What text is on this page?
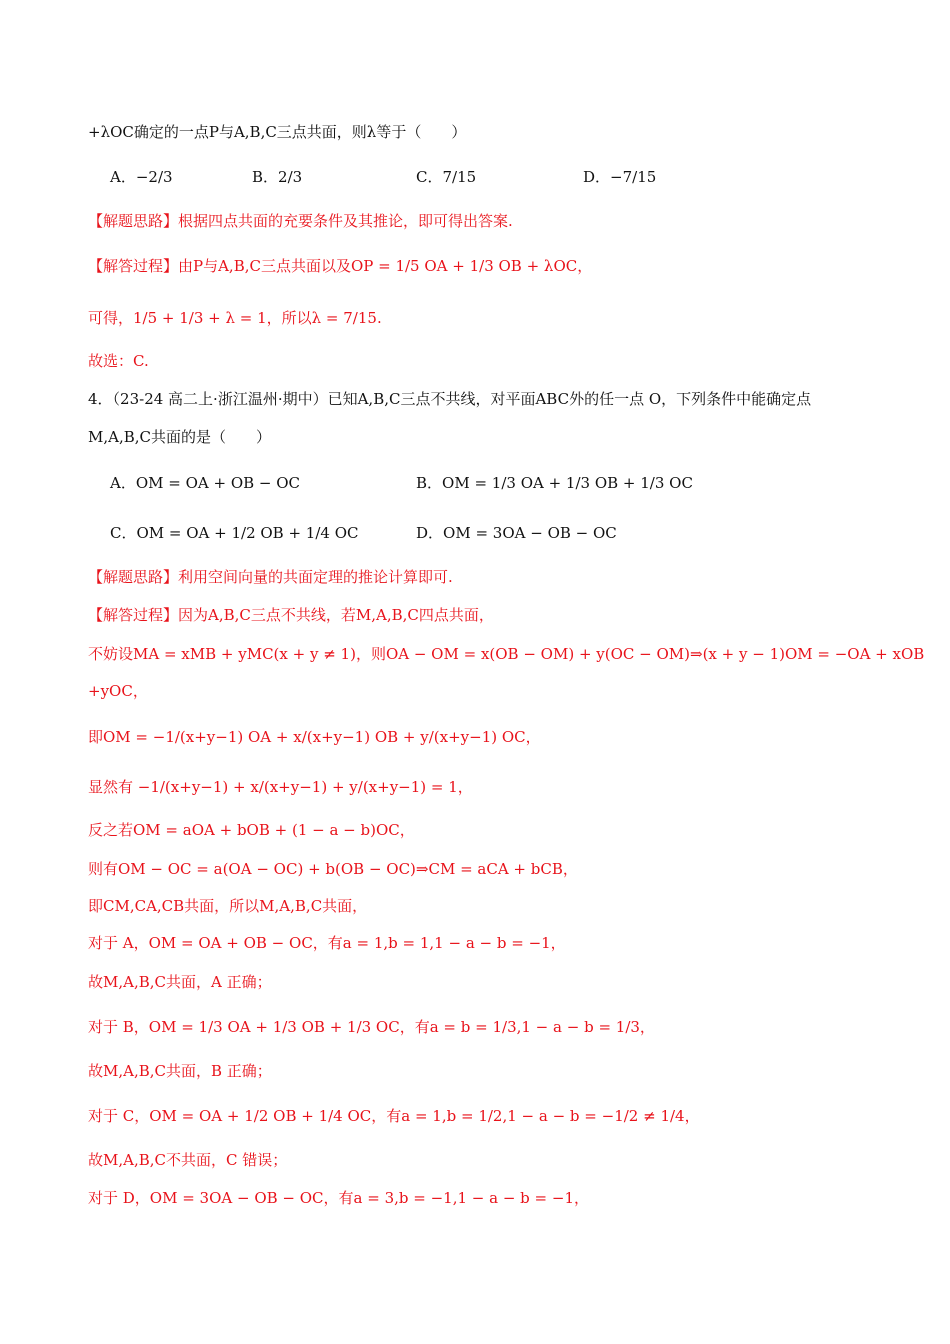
+λOC确定的一点P与A,B,C三点共面，则λ等于（　　）
A．−2/3	B．2/3	C．7/15	D．−7/15
【解题思路】根据四点共面的充要条件及其推论，即可得出答案.
【解答过程】由P与A,B,C三点共面以及OP = 1/5 OA + 1/3 OB + λOC，
可得，1/5 + 1/3 + λ = 1，所以λ = 7/15.
故选：C.
4．（23-24 高二上·浙江温州·期中）已知A,B,C三点不共线，对平面ABC外的任一点 O，下列条件中能确定点
M,A,B,C共面的是（　　）
A．OM = OA + OB − OC	B．OM = 1/3 OA + 1/3 OB + 1/3 OC
C．OM = OA + 1/2 OB + 1/4 OC	D．OM = 3OA − OB − OC
【解题思路】利用空间向量的共面定理的推论计算即可.
【解答过程】因为A,B,C三点不共线，若M,A,B,C四点共面，
不妨设MA = xMB + yMC(x + y ≠ 1)，则OA − OM = x(OB − OM) + y(OC − OM)⇒(x + y − 1)OM = −OA + xOB
+yOC，
即OM = −1/(x+y−1) OA + x/(x+y−1) OB + y/(x+y−1) OC，
显然有 −1/(x+y−1) + x/(x+y−1) + y/(x+y−1) = 1，
反之若OM = aOA + bOB + (1 − a − b)OC，
则有OM − OC = a(OA − OC) + b(OB − OC)⇒CM = aCA + bCB，
即CM,CA,CB共面，所以M,A,B,C共面，
对于 A，OM = OA + OB − OC，有a = 1,b = 1,1 − a − b = −1，
故M,A,B,C共面，A 正确；
对于 B，OM = 1/3 OA + 1/3 OB + 1/3 OC，有a = b = 1/3,1 − a − b = 1/3，
故M,A,B,C共面，B 正确；
对于 C，OM = OA + 1/2 OB + 1/4 OC，有a = 1,b = 1/2,1 − a − b = −1/2 ≠ 1/4，
故M,A,B,C不共面，C 错误；
对于 D，OM = 3OA − OB − OC，有a = 3,b = −1,1 − a − b = −1，
